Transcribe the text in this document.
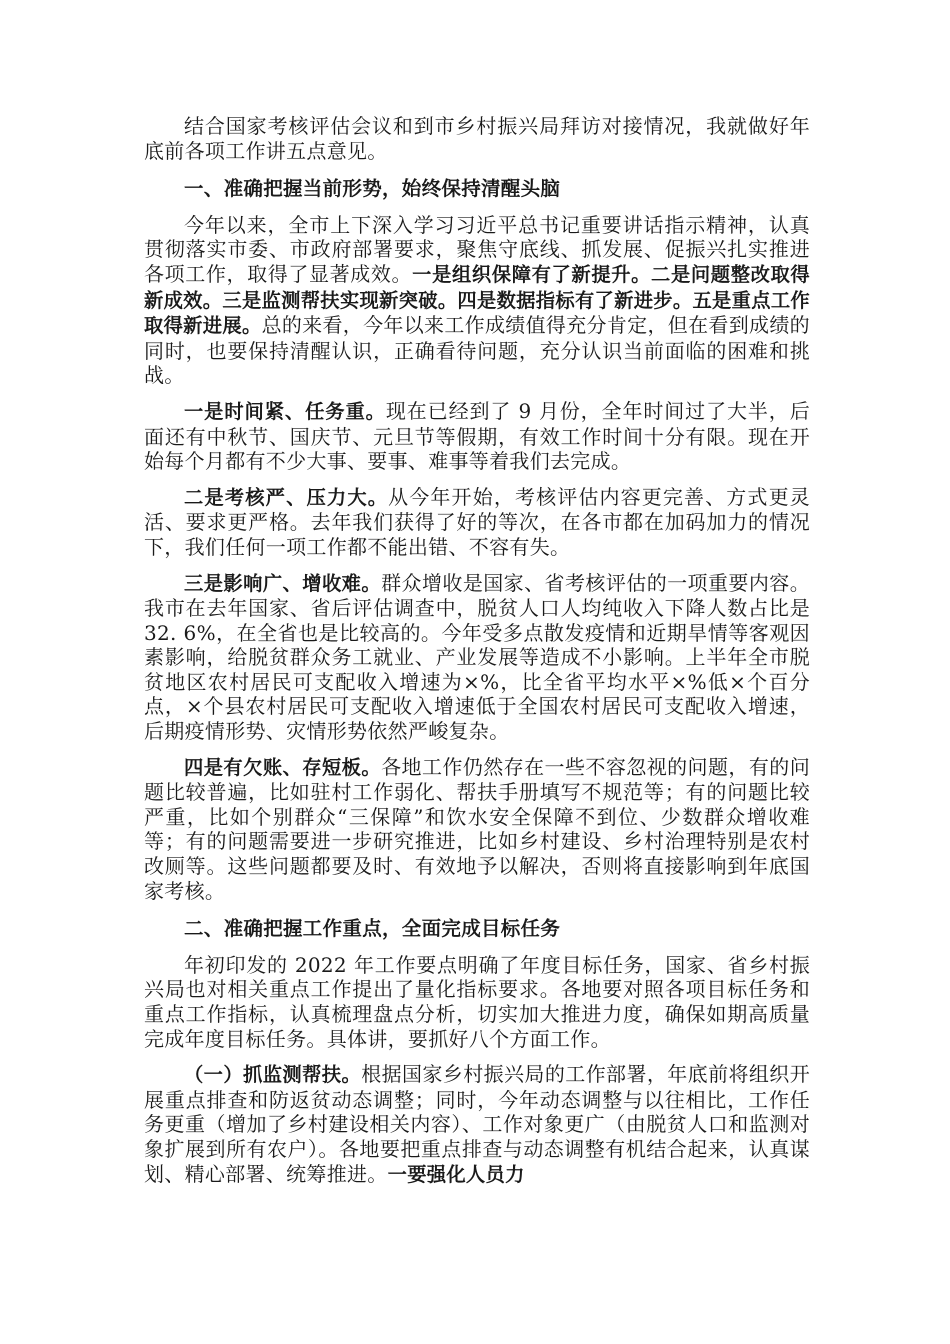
结合国家考核评估会议和到市乡村振兴局拜访对接情况，我就做好年底前各项工作讲五点意见。

一、准确把握当前形势，始终保持清醒头脑

今年以来，全市上下深入学习习近平总书记重要讲话指示精神，认真贯彻落实市委、市政府部署要求，聚焦守底线、抓发展、促振兴扎实推进各项工作，取得了显著成效。一是组织保障有了新提升。二是问题整改取得新成效。三是监测帮扶实现新突破。四是数据指标有了新进步。五是重点工作取得新进展。总的来看，今年以来工作成绩值得充分肯定，但在看到成绩的同时，也要保持清醒认识，正确看待问题，充分认识当前面临的困难和挑战。

一是时间紧、任务重。现在已经到了 9 月份，全年时间过了大半，后面还有中秋节、国庆节、元旦节等假期，有效工作时间十分有限。现在开始每个月都有不少大事、要事、难事等着我们去完成。

二是考核严、压力大。从今年开始，考核评估内容更完善、方式更灵活、要求更严格。去年我们获得了好的等次，在各市都在加码加力的情况下，我们任何一项工作都不能出错、不容有失。

三是影响广、增收难。群众增收是国家、省考核评估的一项重要内容。我市在去年国家、省后评估调查中，脱贫人口人均纯收入下降人数占比是 32. 6%，在全省也是比较高的。今年受多点散发疫情和近期旱情等客观因素影响，给脱贫群众务工就业、产业发展等造成不小影响。上半年全市脱贫地区农村居民可支配收入增速为×%，比全省平均水平×%低×个百分点，×个县农村居民可支配收入增速低于全国农村居民可支配收入增速，后期疫情形势、灾情形势依然严峻复杂。

四是有欠账、存短板。各地工作仍然存在一些不容忽视的问题，有的问题比较普遍，比如驻村工作弱化、帮扶手册填写不规范等；有的问题比较严重，比如个别群众“三保障”和饮水安全保障不到位、少数群众增收难等；有的问题需要进一步研究推进，比如乡村建设、乡村治理特别是农村改厕等。这些问题都要及时、有效地予以解决，否则将直接影响到年底国家考核。

二、准确把握工作重点，全面完成目标任务

年初印发的 2022 年工作要点明确了年度目标任务，国家、省乡村振兴局也对相关重点工作提出了量化指标要求。各地要对照各项目标任务和重点工作指标，认真梳理盘点分析，切实加大推进力度，确保如期高质量完成年度目标任务。具体讲，要抓好八个方面工作。

（一）抓监测帮扶。根据国家乡村振兴局的工作部署，年底前将组织开展重点排查和防返贫动态调整；同时，今年动态调整与以往相比，工作任务更重（增加了乡村建设相关内容）、工作对象更广（由脱贫人口和监测对象扩展到所有农户）。各地要把重点排查与动态调整有机结合起来，认真谋划、精心部署、统筹推进。一要强化人员力
